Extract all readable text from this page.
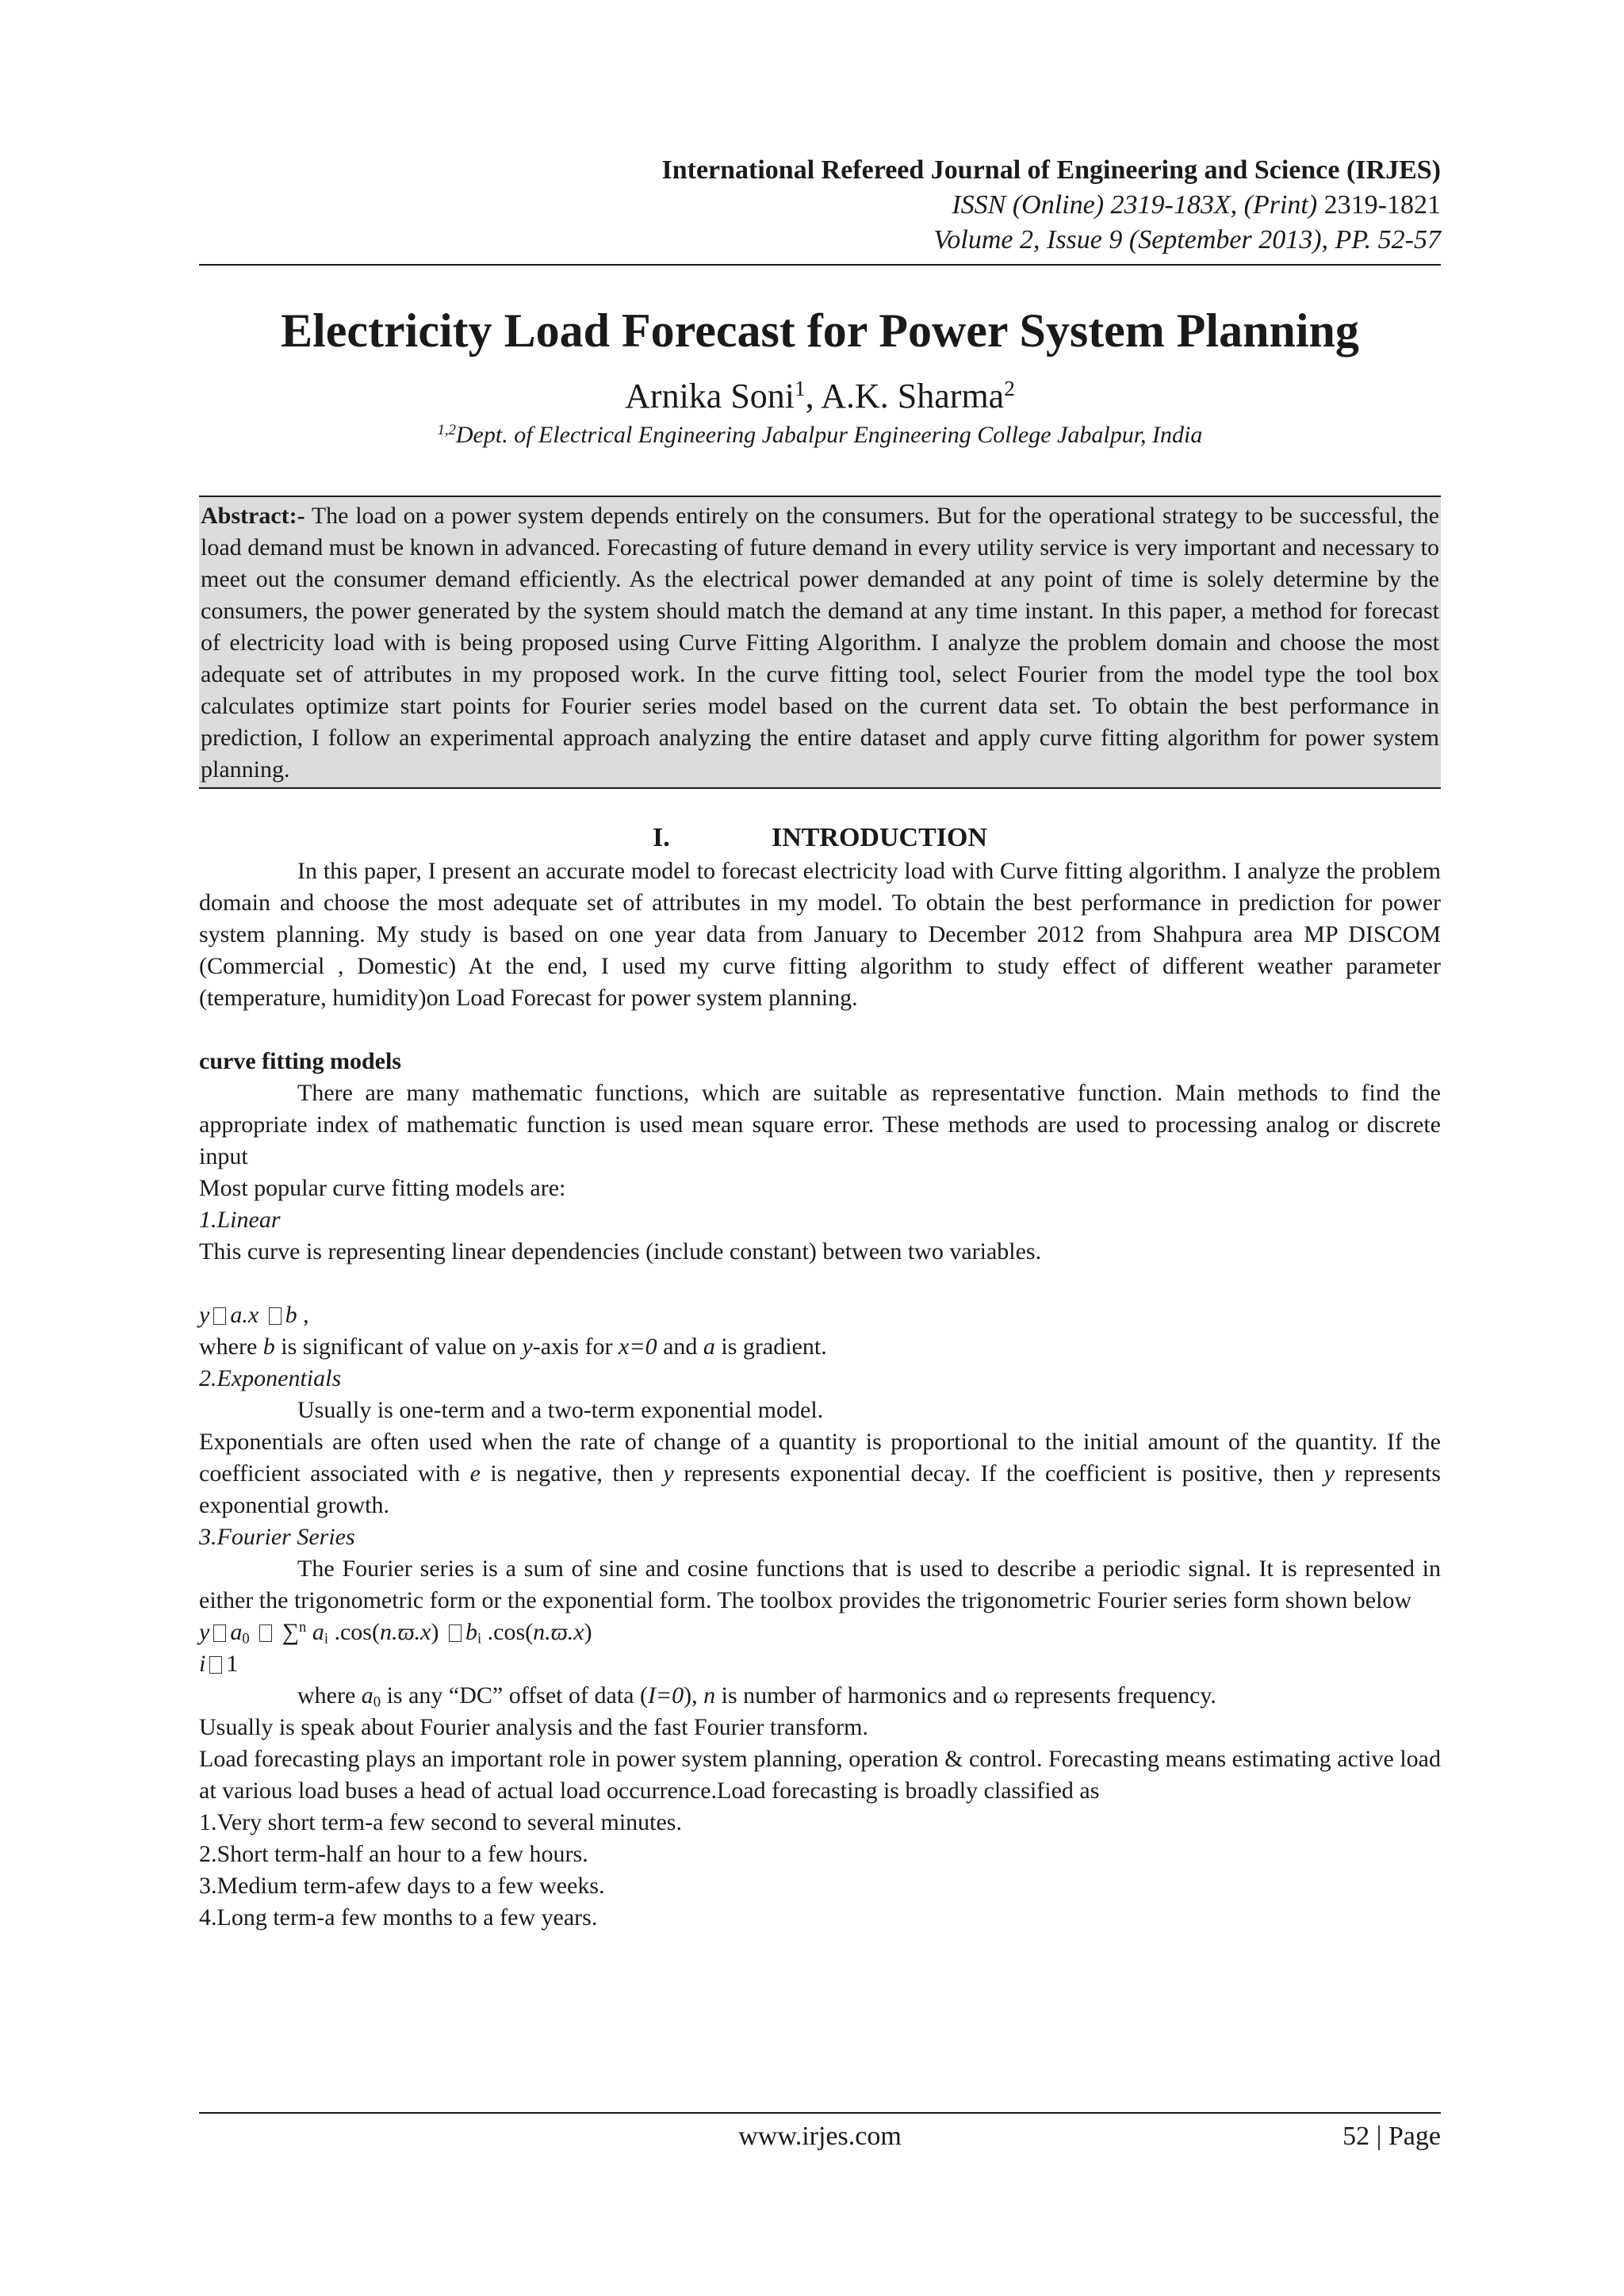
International Refereed Journal of Engineering and Science (IRJES)
ISSN (Online) 2319-183X, (Print) 2319-1821
Volume 2, Issue 9 (September 2013), PP. 52-57
Electricity Load Forecast for Power System Planning
Arnika Soni$^1$, A.K. Sharma$^2$
$^{1,2}$Dept. of Electrical Engineering Jabalpur Engineering College Jabalpur, India
Abstract:- The load on a power system depends entirely on the consumers. But for the operational strategy to be successful, the load demand must be known in advanced. Forecasting of future demand in every utility service is very important and necessary to meet out the consumer demand efficiently. As the electrical power demanded at any point of time is solely determine by the consumers, the power generated by the system should match the demand at any time instant. In this paper, a method for forecast of electricity load with is being proposed using Curve Fitting Algorithm. I analyze the problem domain and choose the most adequate set of attributes in my proposed work. In the curve fitting tool, select Fourier from the model type the tool box calculates optimize start points for Fourier series model based on the current data set. To obtain the best performance in prediction, I follow an experimental approach analyzing the entire dataset and apply curve fitting algorithm for power system planning.
I.	INTRODUCTION

In this paper, I present an accurate model to forecast electricity load with Curve fitting algorithm. I analyze the problem domain and choose the most adequate set of attributes in my model. To obtain the best performance in prediction for power system planning. My study is based on one year data from January to December 2012 from Shahpura area MP DISCOM (Commercial , Domestic) At the end, I used my curve fitting algorithm to study effect of different weather parameter (temperature, humidity)on Load Forecast for power system planning.

curve fitting models

There are many mathematic functions, which are suitable as representative function. Main methods to find the appropriate index of mathematic function is used mean square error. These methods are used to processing analog or discrete input

Most popular curve fitting models are:

1.Linear

This curve is representing linear dependencies (include constant) between two variables.

y a.x b ,

where b is significant of value on y-axis for x=0 and a is gradient.

2.Exponentials

Usually is one-term and a two-term exponential model.

Exponentials are often used when the rate of change of a quantity is proportional to the initial amount of the quantity. If the coefficient associated with e is negative, then y represents exponential decay. If the coefficient is positive, then y represents exponential growth.

3.Fourier Series

The Fourier series is a sum of sine and cosine functions that is used to describe a periodic signal. It is represented in either the trigonometric form or the exponential form. The toolbox provides the trigonometric Fourier series form shown below

y $a_0$ ∑$^n$ $a_i$ .cos(n.ϖ.x) $b_i$ .cos(n.ϖ.x)
i 1

where $a_0$ is any “DC” offset of data (I=0), n is number of harmonics and ω represents frequency.

Usually is speak about Fourier analysis and the fast Fourier transform.

Load forecasting plays an important role in power system planning, operation & control. Forecasting means estimating active load at various load buses a head of actual load occurrence.Load forecasting is broadly classified as

1.Very short term-a few second to several minutes.

2.Short term-half an hour to a few hours.

3.Medium term-afew days to a few weeks.

4.Long term-a few months to a few years.

www.irjes.com	52 | Page
